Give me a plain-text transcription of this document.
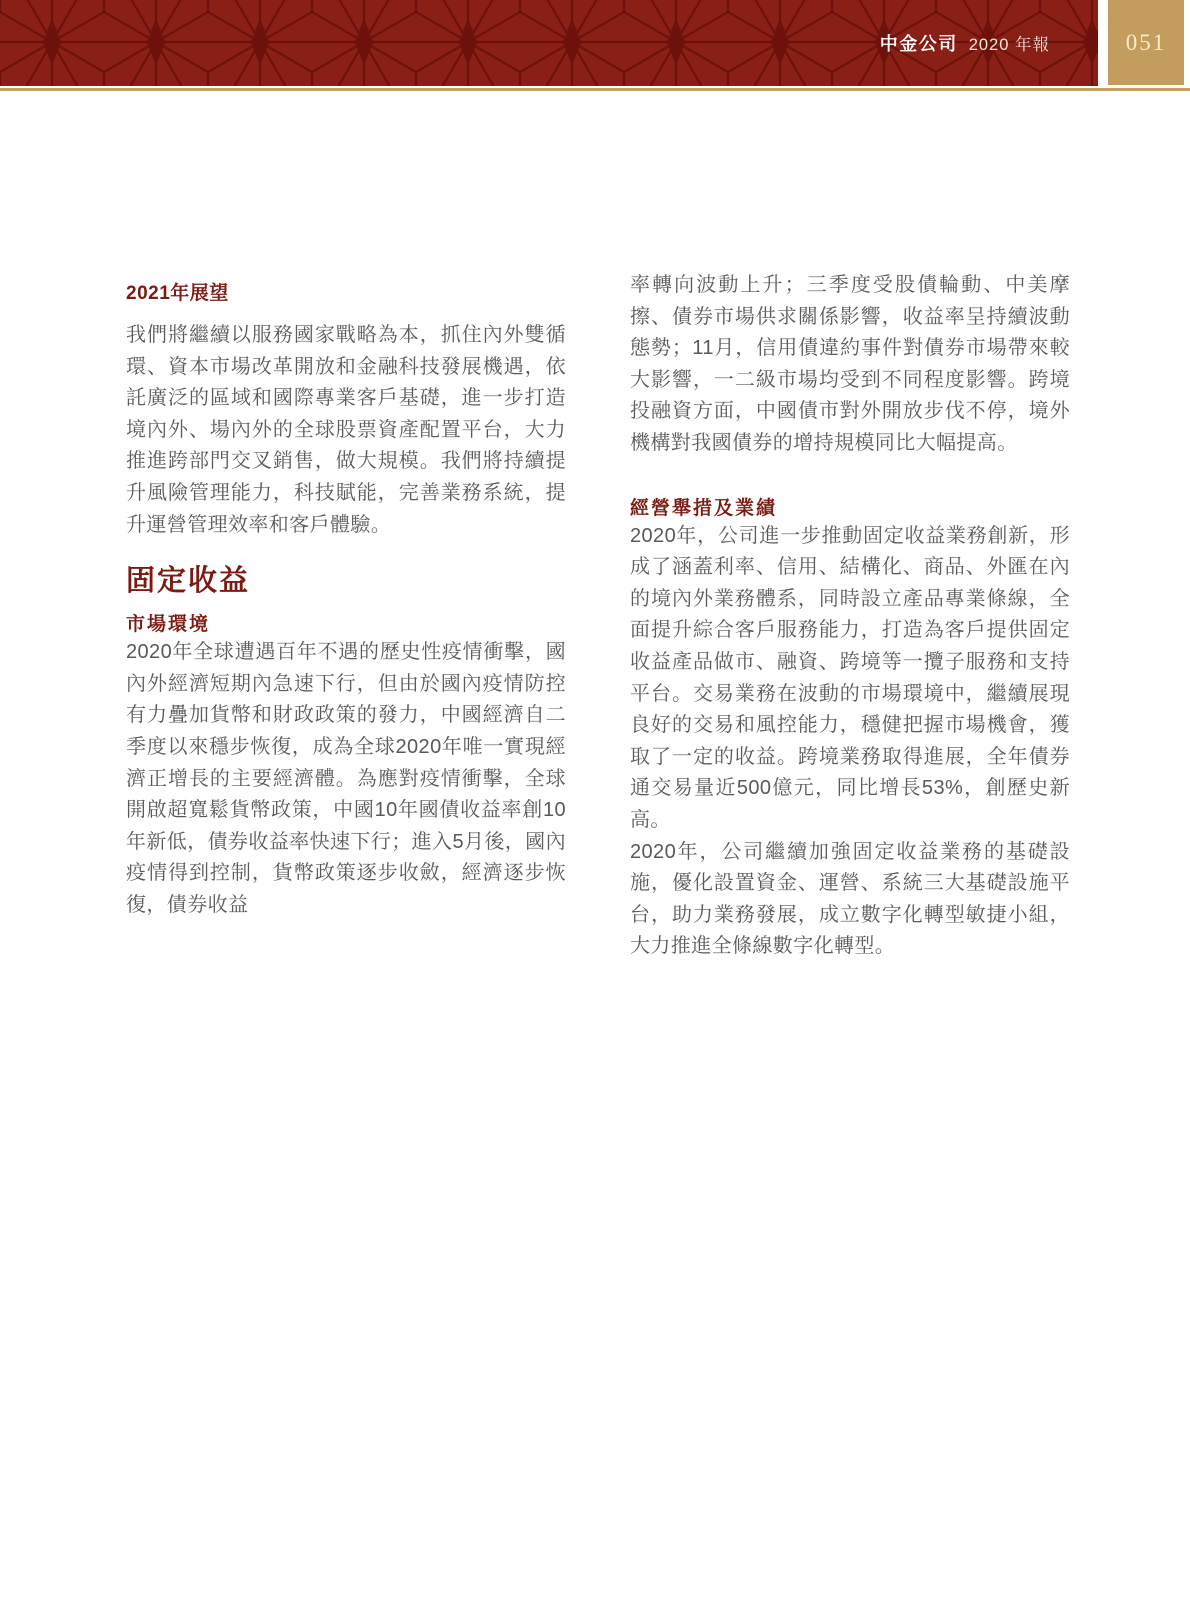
中金公司 2020 年報	051
2021年展望

我們將繼續以服務國家戰略為本，抓住內外雙循環、資本市場改革開放和金融科技發展機遇，依託廣泛的區域和國際專業客戶基礎，進一步打造境內外、場內外的全球股票資產配置平台，大力推進跨部門交叉銷售，做大規模。我們將持續提升風險管理能力，科技賦能，完善業務系統，提升運營管理效率和客戶體驗。

固定收益
市場環境

2020年全球遭遇百年不遇的歷史性疫情衝擊，國內外經濟短期內急速下行，但由於國內疫情防控有力疊加貨幣和財政政策的發力，中國經濟自二季度以來穩步恢復，成為全球2020年唯一實現經濟正增長的主要經濟體。為應對疫情衝擊，全球開啟超寬鬆貨幣政策，中國10年國債收益率創10年新低，債券收益率快速下行；進入5月後，國內疫情得到控制，貨幣政策逐步收斂，經濟逐步恢復，債券收益

率轉向波動上升；三季度受股債輪動、中美摩擦、債券市場供求關係影響，收益率呈持續波動態勢；11月，信用債違約事件對債券市場帶來較大影響，一二級市場均受到不同程度影響。跨境投融資方面，中國債市對外開放步伐不停，境外機構對我國債券的增持規模同比大幅提高。

經營舉措及業績

2020年，公司進一步推動固定收益業務創新，形成了涵蓋利率、信用、結構化、商品、外匯在內的境內外業務體系，同時設立產品專業條線，全面提升綜合客戶服務能力，打造為客戶提供固定收益產品做市、融資、跨境等一攬子服務和支持平台。交易業務在波動的市場環境中，繼續展現良好的交易和風控能力，穩健把握市場機會，獲取了一定的收益。跨境業務取得進展，全年債券通交易量近500億元，同比增長53%，創歷史新高。

2020年，公司繼續加強固定收益業務的基礎設施，優化設置資金、運營、系統三大基礎設施平台，助力業務發展，成立數字化轉型敏捷小組，大力推進全條線數字化轉型。
